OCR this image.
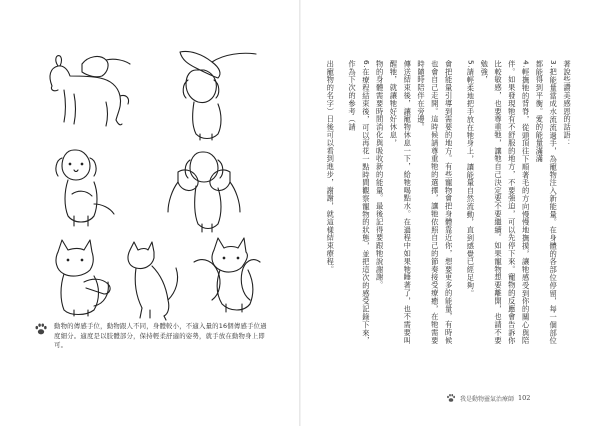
動物的傳感手位，動物跟人不同，身體較小，不適入量的16個傳感手位過度細分。適度是以肢體部分，保持輕柔舒適的姿勢，就手放在動物身上即可。

著說些讚美感恩的話語：

3.把能量當成水流流過手，為寵物注入新能量。在身體的各部位停留，每一個部位都能得到平衡。愛的能量滿滿

4.輕撫牠的背脊，從頭頂往下順著毛的方向慢慢地撫摸，讓牠感受到你的關心與陪伴。如果發現牠有不舒服的地方，不要強迫，可以先停下來。寵物的反應會告訴你

比較敏感，也要尊重牠，讓牠自己決定要不要繼續。如果寵物想要離開，也請不要勉強，

5.請輕柔地把手放在牠身上，讓能量自然流動，直到感覺已經足夠。

會把能量引導到需要的地方。有些寵物會把身體靠近你，想要更多的能量，有時候也會自己走開。這時候請尊重牠的選擇，讓牠依照自己的節奏接受療癒，在牠需要時隨時陪伴在旁邊。

傳送結束後，讓寵物休息一下，給牠喝點水。在過程中如果牠睡著了，也不需要叫醒牠，就讓牠好好休息，

物的身體需要時間消化與吸收新的能量。最後記得要跟牠說謝謝。

6.在療程結束後，可以再花一點時間觀察寵物的狀態，並把這次的感受記錄下來，作為下次的參考（請

出寵物的名字）日後可以看到進步，謝謝，就這樣結束療程。

我是動物靈氣治療師 102
